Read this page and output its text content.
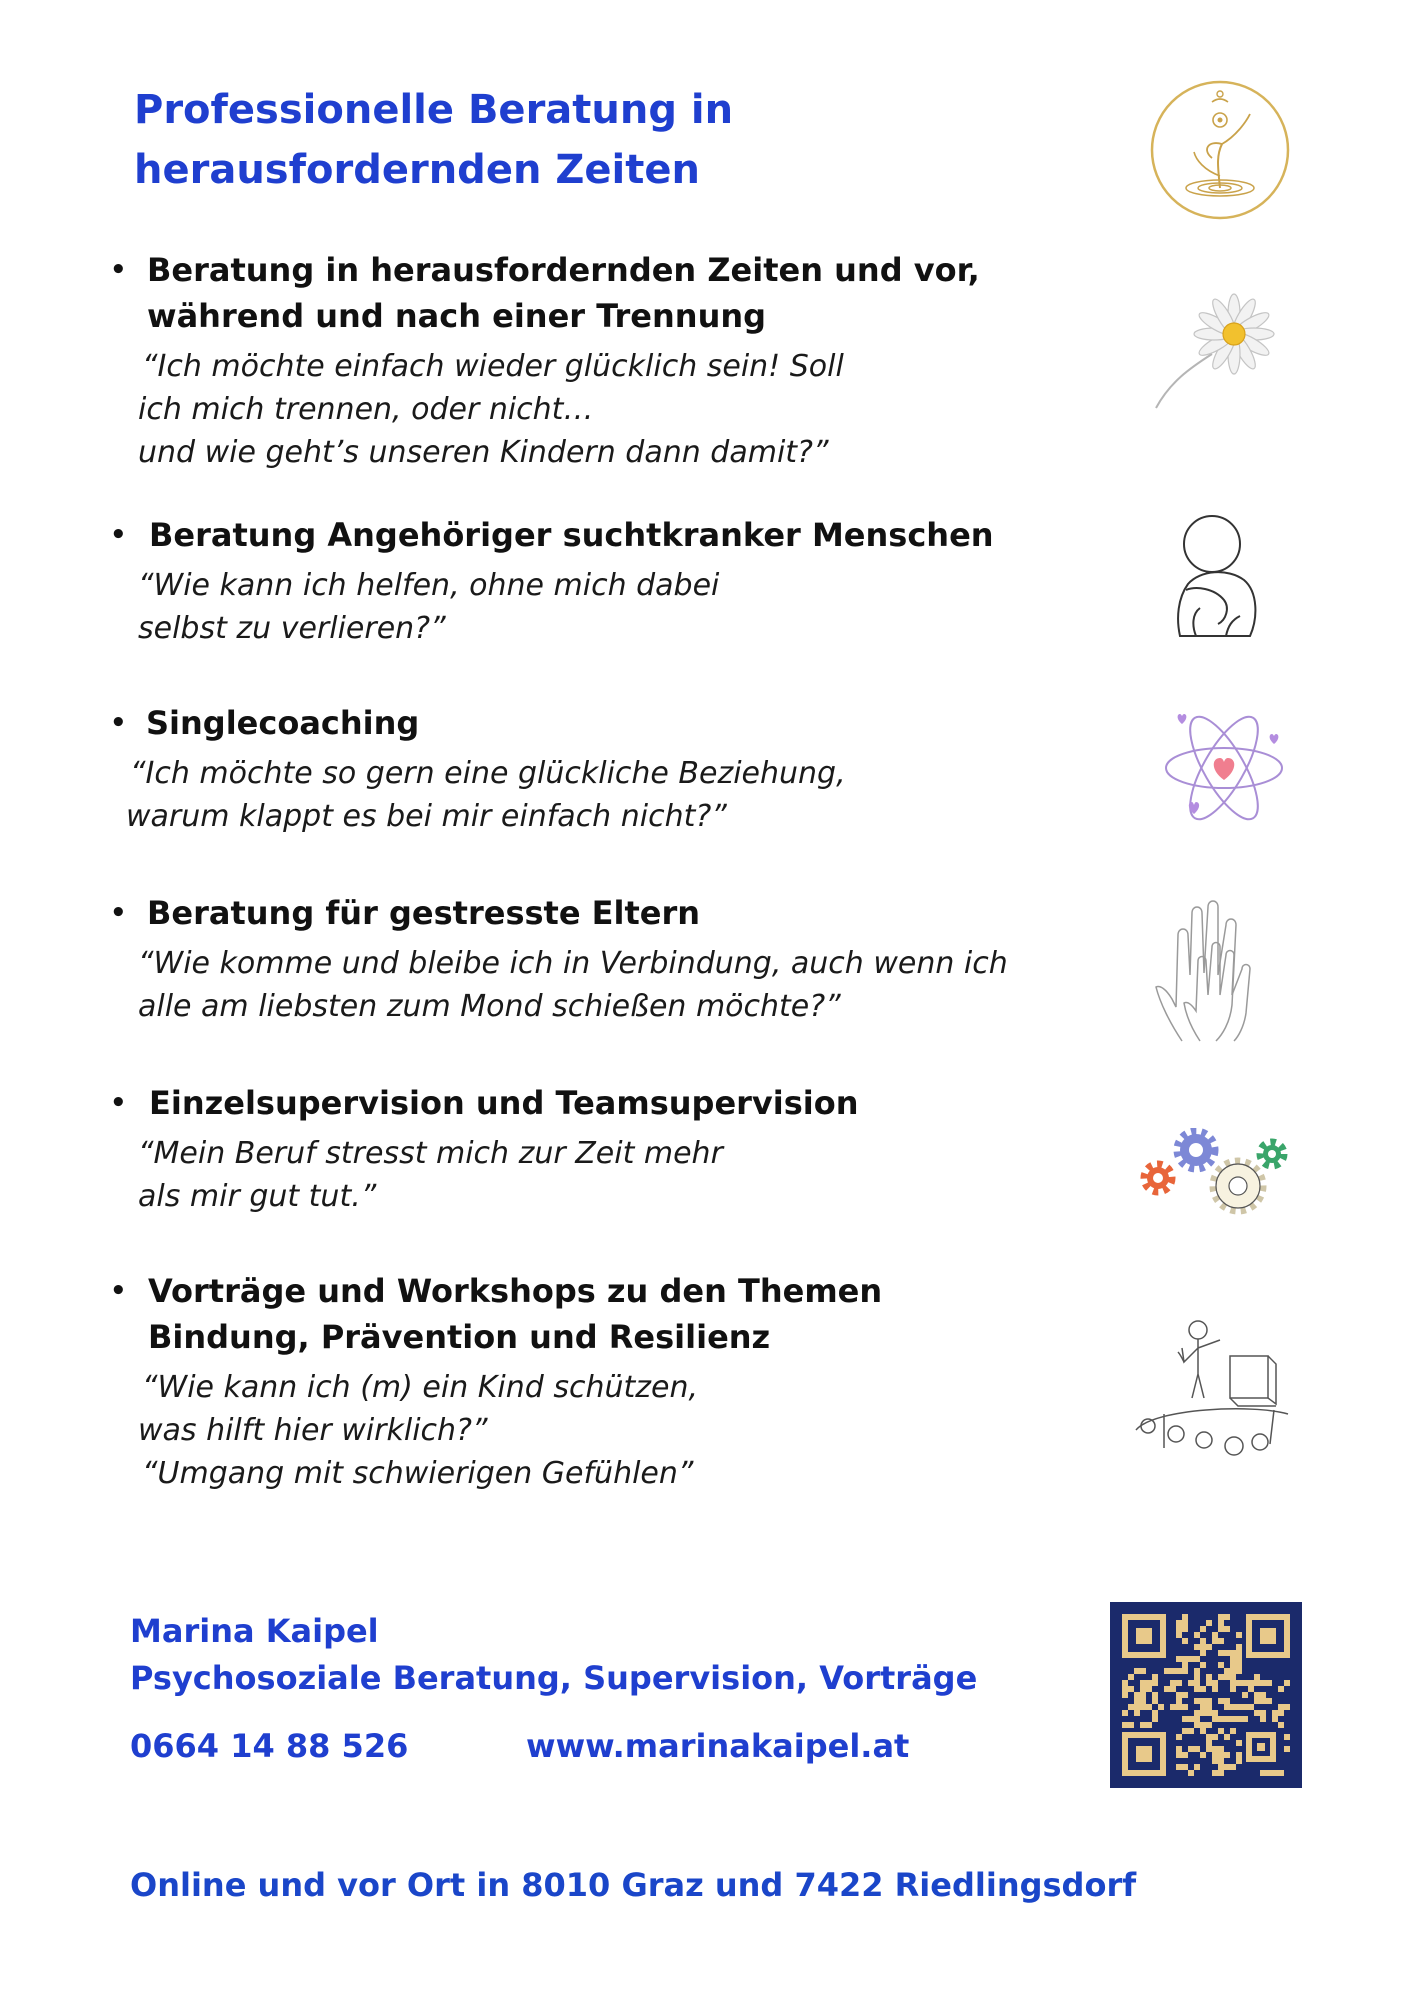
Professionelle Beratung in
herausfordernden Zeiten
• Beratung in herausfordernden Zeiten und vor,
während und nach einer Trennung

“Ich möchte einfach wieder glücklich sein! Soll
ich mich trennen, oder nicht…
und wie geht’s unseren Kindern dann damit?”

• Beratung Angehöriger suchtkranker Menschen

“Wie kann ich helfen, ohne mich dabei
selbst zu verlieren?”

• Singlecoaching

“Ich möchte so gern eine glückliche Beziehung,
warum klappt es bei mir einfach nicht?”

• Beratung für gestresste Eltern

“Wie komme und bleibe ich in Verbindung, auch wenn ich
alle am liebsten zum Mond schießen möchte?”

• Einzelsupervision und Teamsupervision

“Mein Beruf stresst mich zur Zeit mehr
als mir gut tut.”

• Vorträge und Workshops zu den Themen
Bindung, Prävention und Resilienz

“Wie kann ich (m) ein Kind schützen,
was hilft hier wirklich?”
“Umgang mit schwierigen Gefühlen”

Marina Kaipel
Psychosoziale Beratung, Supervision, Vorträge
0664 14 88 526	www.marinakaipel.at
Online und vor Ort in 8010 Graz und 7422 Riedlingsdorf
